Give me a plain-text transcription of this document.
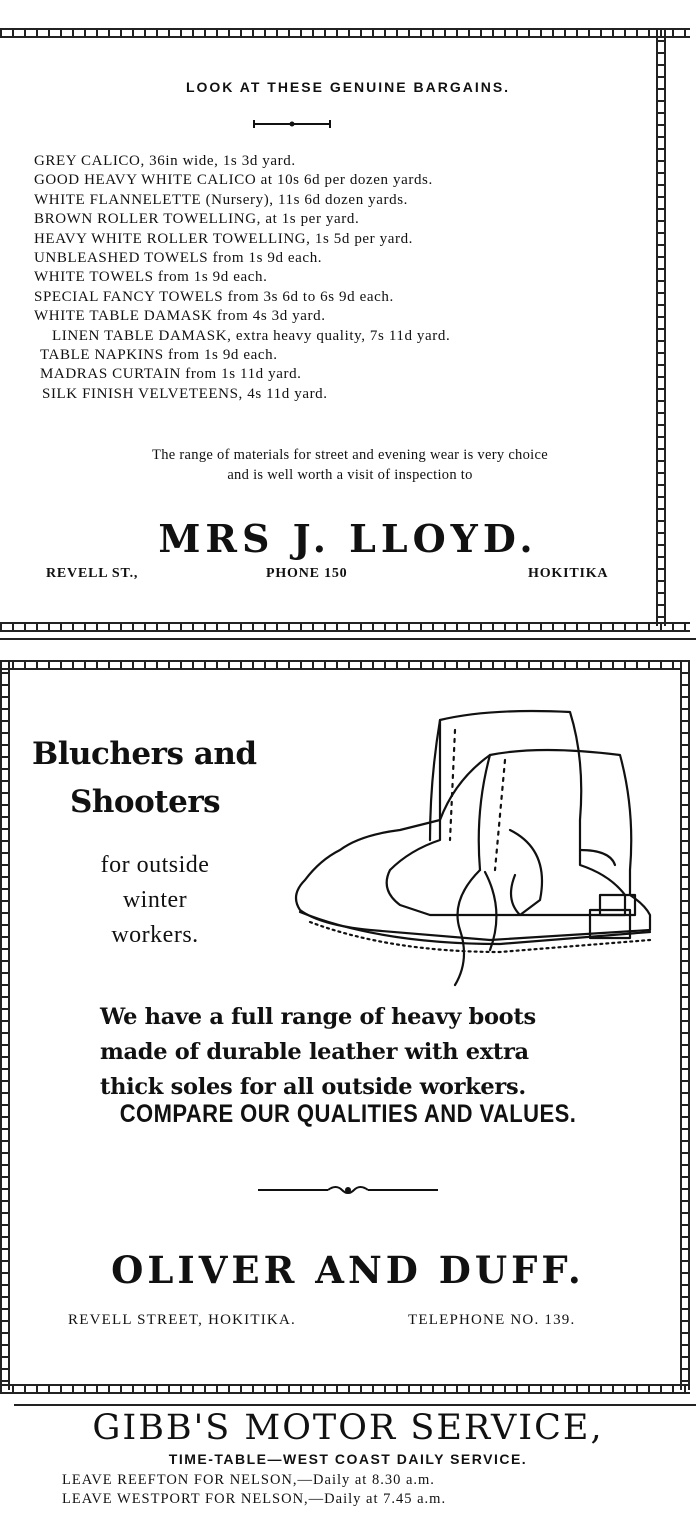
LOOK AT THESE GENUINE BARGAINS.
GREY CALICO, 36in wide, 1s 3d yard.
GOOD HEAVY WHITE CALICO at 10s 6d per dozen yards.
WHITE FLANNELETTE (Nursery), 11s 6d dozen yards.
BROWN ROLLER TOWELLING, at 1s per yard.
HEAVY WHITE ROLLER TOWELLING, 1s 5d per yard.
UNBLEASHED TOWELS from 1s 9d each.
WHITE TOWELS from 1s 9d each.
SPECIAL FANCY TOWELS from 3s 6d to 6s 9d each.
WHITE TABLE DAMASK from 4s 3d yard.
LINEN TABLE DAMASK, extra heavy quality, 7s 11d yard.
TABLE NAPKINS from 1s 9d each.
MADRAS CURTAIN from 1s 11d yard.
SILK FINISH VELVETEENS, 4s 11d yard.
The range of materials for street and evening wear is very choice
and is well worth a visit of inspection to
MRS J. LLOYD.
REVELL ST.,	PHONE 150	HOKITIKA
Bluchers and
Shooters
for outside
winter
workers.
We have a full range of heavy boots
made of durable leather with extra
thick soles for all outside workers.
COMPARE OUR QUALITIES AND VALUES.
OLIVER AND DUFF.
REVELL STREET, HOKITIKA.	TELEPHONE NO. 139.
GIBB'S MOTOR SERVICE,
TIME-TABLE—WEST COAST DAILY SERVICE.
LEAVE REEFTON FOR NELSON,—Daily at 8.30 a.m.
LEAVE WESTPORT FOR NELSON,—Daily at 7.45 a.m.
